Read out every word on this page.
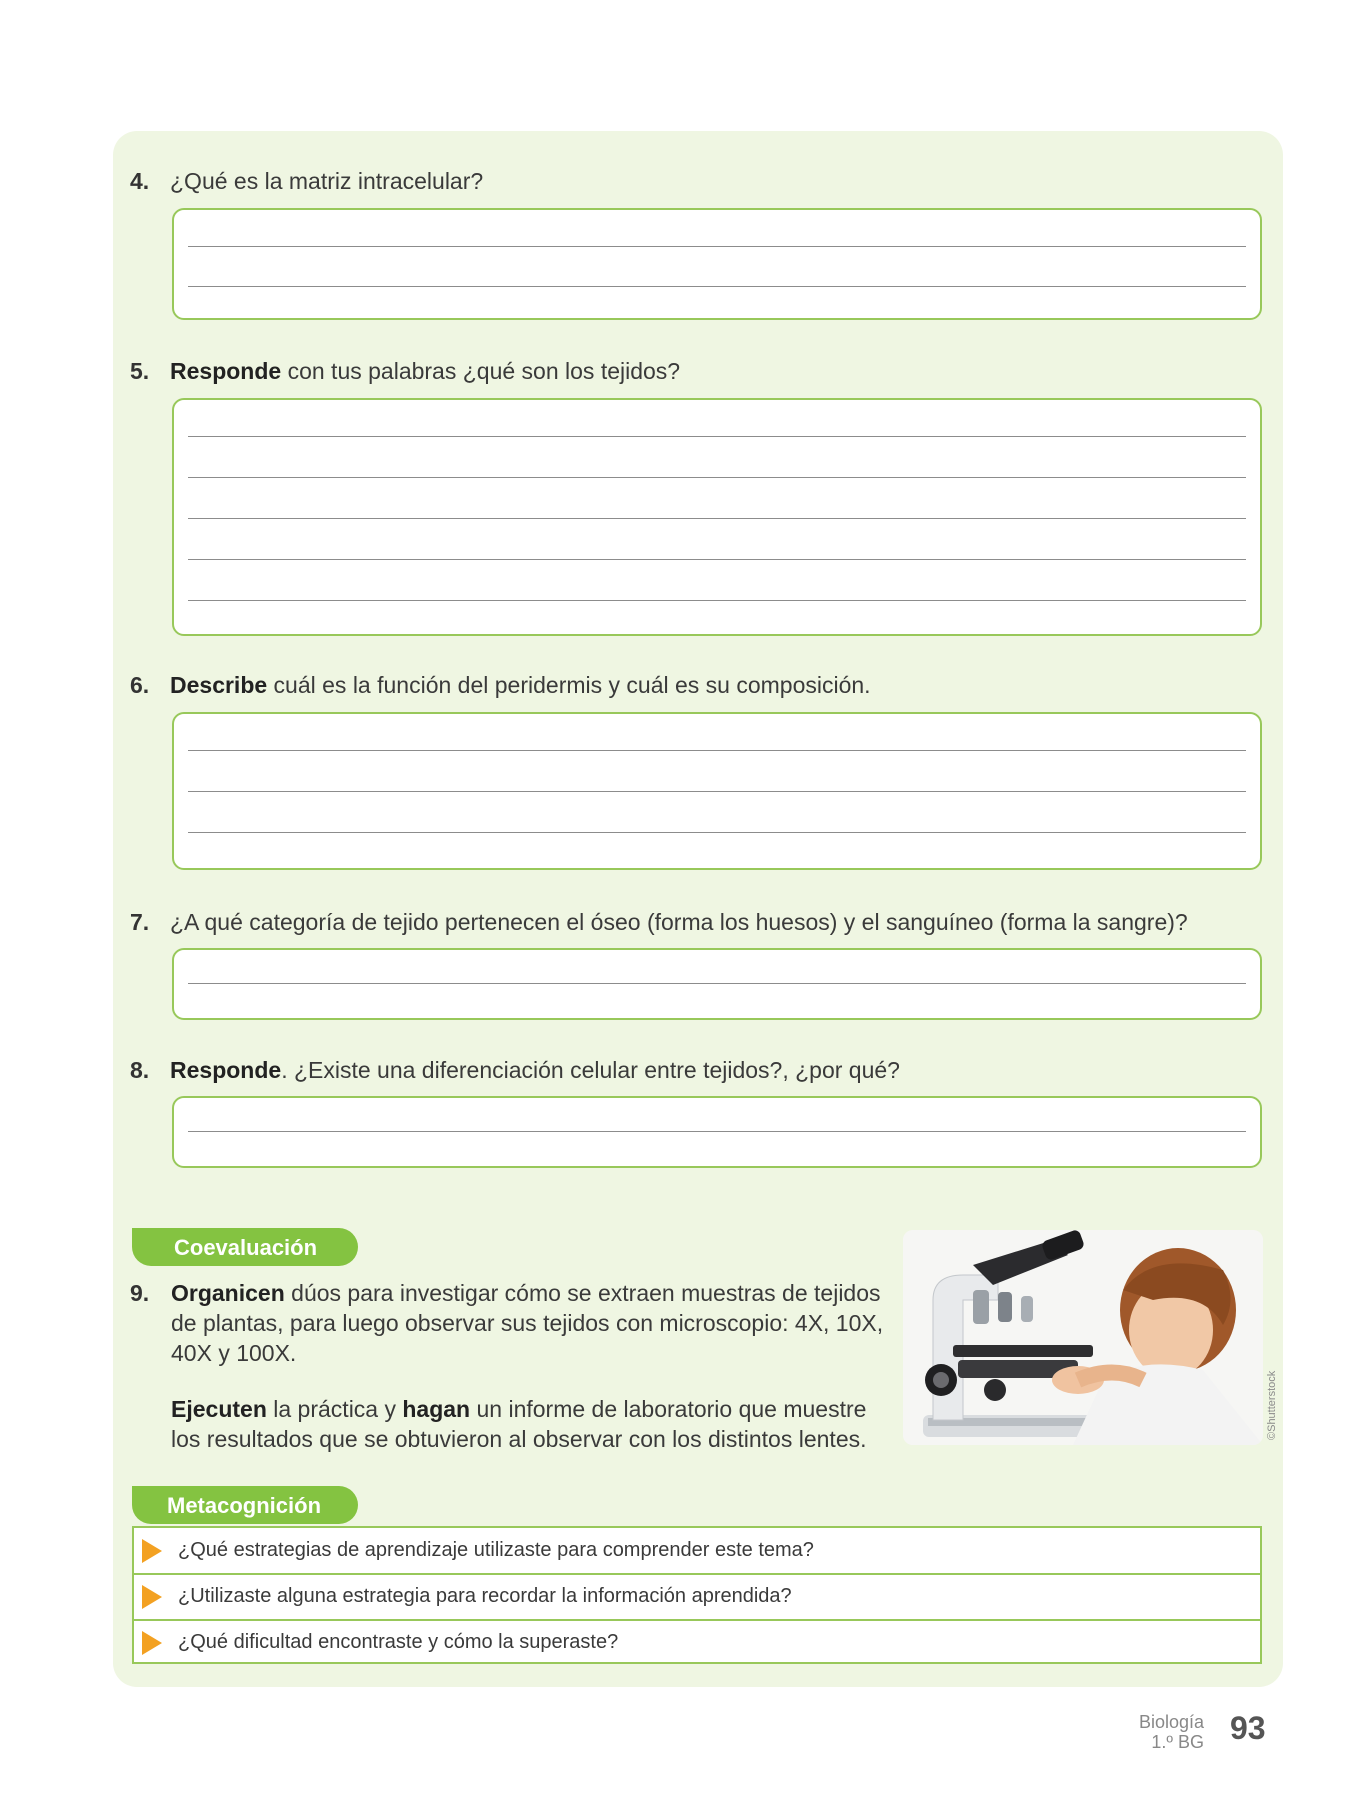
4. ¿Qué es la matriz intracelular?
5. Responde con tus palabras ¿qué son los tejidos?
6. Describe cuál es la función del peridermis y cuál es su composición.
7. ¿A qué categoría de tejido pertenecen el óseo (forma los huesos) y el sanguíneo (forma la sangre)?
8. Responde. ¿Existe una diferenciación celular entre tejidos?, ¿por qué?
Coevaluación
9. Organicen dúos para investigar cómo se extraen muestras de tejidos
de plantas, para luego observar sus tejidos con microscopio: 4X, 10X,
40X y 100X.

Ejecuten la práctica y hagan un informe de laboratorio que muestre
los resultados que se obtuvieron al observar con los distintos lentes.	©Shutterstock
Metacognición
¿Qué estrategias de aprendizaje utilizaste para comprender este tema?
¿Utilizaste alguna estrategia para recordar la información aprendida?
¿Qué dificultad encontraste y cómo la superaste?
Biología
1.º BG 93
